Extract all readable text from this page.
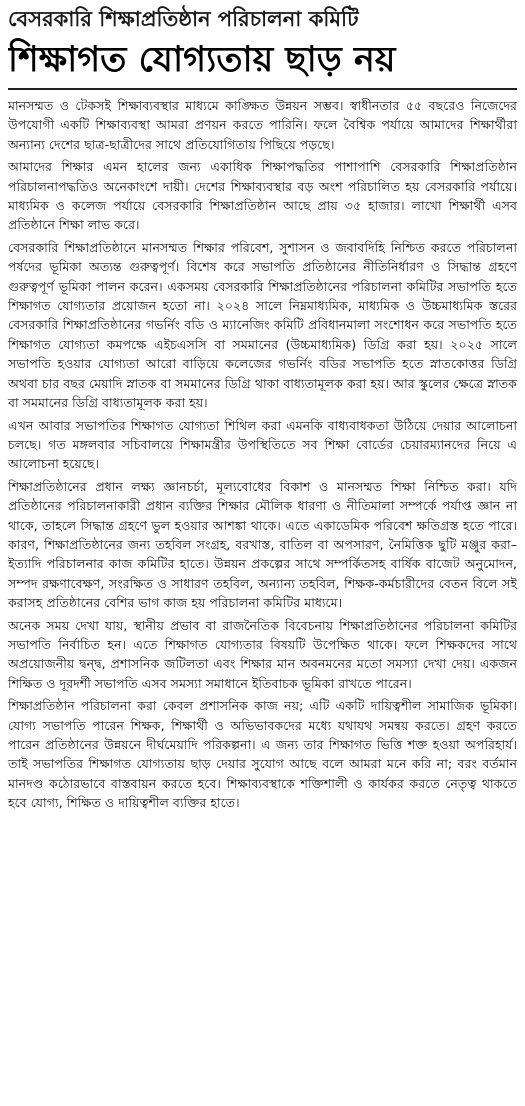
বেসরকারি শিক্ষাপ্রতিষ্ঠান পরিচালনা কমিটি
শিক্ষাগত যোগ্যতায় ছাড় নয়

মানসম্মত ও টেকসই শিক্ষাব্যবস্থার মাধ্যমে কাঙ্ক্ষিত উন্নয়ন সম্ভব। স্বাধীনতার ৫৫ বছরেও নিজেদের উপযোগী একটি শিক্ষাব্যবস্থা আমরা প্রণয়ন করতে পারিনি। ফলে বৈশ্বিক পর্যায়ে আমাদের শিক্ষার্থীরা অন্যান্য দেশের ছাত্র-ছাত্রীদের সাথে প্রতিযোগিতায় পিছিয়ে পড়ছে।

আমাদের শিক্ষার এমন হালের জন্য একাধিক শিক্ষাপদ্ধতির পাশাপাশি বেসরকারি শিক্ষাপ্রতিষ্ঠান পরিচালনাপদ্ধতিও অনেকাংশে দায়ী। দেশের শিক্ষাব্যবস্থার বড় অংশ পরিচালিত হয় বেসরকারি পর্যায়ে। মাধ্যমিক ও কলেজ পর্যায়ে বেসরকারি শিক্ষাপ্রতিষ্ঠান আছে প্রায় ৩৫ হাজার। লাখো শিক্ষার্থী এসব প্রতিষ্ঠানে শিক্ষা লাভ করে।

বেসরকারি শিক্ষাপ্রতিষ্ঠানে মানসম্মত শিক্ষার পরিবেশ, সুশাসন ও জবাবদিহি নিশ্চিত করতে পরিচালনা পর্ষদের ভূমিকা অত্যন্ত গুরুত্বপূর্ণ। বিশেষ করে সভাপতি প্রতিষ্ঠানের নীতিনির্ধারণ ও সিদ্ধান্ত গ্রহণে গুরুত্বপূর্ণ ভূমিকা পালন করেন। একসময় বেসরকারি শিক্ষাপ্রতিষ্ঠানের পরিচালনা কমিটির সভাপতি হতে শিক্ষাগত যোগ্যতার প্রয়োজন হতো না। ২০২৪ সালে নিম্নমাধ্যমিক, মাধ্যমিক ও উচ্চমাধ্যমিক স্তরের বেসরকারি শিক্ষাপ্রতিষ্ঠানের গভর্নিং বডি ও ম্যানেজিং কমিটি প্রবিধানমালা সংশোধন করে সভাপতি হতে শিক্ষাগত যোগ্যতা কমপক্ষে এইচএসসি বা সমমানের (উচ্চমাধ্যমিক) ডিগ্রি করা হয়। ২০২৫ সালে সভাপতি হওয়ার যোগ্যতা আরো বাড়িয়ে কলেজের গভর্নিং বডির সভাপতি হতে স্নাতকোত্তর ডিগ্রি অথবা চার বছর মেয়াদি স্নাতক বা সমমানের ডিগ্রি থাকা বাধ্যতামূলক করা হয়। আর স্কুলের ক্ষেত্রে স্নাতক বা সমমানের ডিগ্রি বাধ্যতামূলক করা হয়।

এখন আবার সভাপতির শিক্ষাগত যোগ্যতা শিথিল করা এমনকি বাধ্যবাধকতা উঠিয়ে দেয়ার আলোচনা চলছে। গত মঙ্গলবার সচিবালয়ে শিক্ষামন্ত্রীর উপস্থিতিতে সব শিক্ষা বোর্ডের চেয়ারম্যানদের নিয়ে এ আলোচনা হয়েছে।

শিক্ষাপ্রতিষ্ঠানের প্রধান লক্ষ্য জ্ঞানচর্চা, মূল্যবোধের বিকাশ ও মানসম্মত শিক্ষা নিশ্চিত করা। যদি প্রতিষ্ঠানের পরিচালনাকারী প্রধান ব্যক্তির শিক্ষার মৌলিক ধারণা ও নীতিমালা সম্পর্কে পর্যাপ্ত জ্ঞান না থাকে, তাহলে সিদ্ধান্ত গ্রহণে ভুল হওয়ার আশঙ্কা থাকে। এতে একাডেমিক পরিবেশ ক্ষতিগ্রস্ত হতে পারে। কারণ, শিক্ষাপ্রতিষ্ঠানের জন্য তহবিল সংগ্রহ, বরখাস্ত, বাতিল বা অপসারণ, নৈমিত্তিক ছুটি মঞ্জুর করা– ইত্যাদি পরিচালনার কাজ কমিটির হাতে। উন্নয়ন প্রকল্পের সাথে সম্পর্কিতসহ বার্ষিক বাজেট অনুমোদন, সম্পদ রক্ষণাবেক্ষণ, সংরক্ষিত ও সাধারণ তহবিল, অন্যান্য তহবিল, শিক্ষক-কর্মচারীদের বেতন বিলে সই করাসহ প্রতিষ্ঠানের বেশির ভাগ কাজ হয় পরিচালনা কমিটির মাধ্যমে।

অনেক সময় দেখা যায়, স্থানীয় প্রভাব বা রাজনৈতিক বিবেচনায় শিক্ষাপ্রতিষ্ঠানের পরিচালনা কমিটির সভাপতি নির্বাচিত হন। এতে শিক্ষাগত যোগ্যতার বিষয়টি উপেক্ষিত থাকে। ফলে শিক্ষকদের সাথে অপ্রয়োজনীয় দ্বন্দ্ব, প্রশাসনিক জটিলতা এবং শিক্ষার মান অবনমনের মতো সমস্যা দেখা দেয়। একজন শিক্ষিত ও দূরদর্শী সভাপতি এসব সমস্যা সমাধানে ইতিবাচক ভূমিকা রাখতে পারেন।

শিক্ষাপ্রতিষ্ঠান পরিচালনা করা কেবল প্রশাসনিক কাজ নয়; এটি একটি দায়িত্বশীল সামাজিক ভূমিকা। যোগ্য সভাপতি পারেন শিক্ষক, শিক্ষার্থী ও অভিভাবকদের মধ্যে যথাযথ সমন্বয় করতে। গ্রহণ করতে পারেন প্রতিষ্ঠানের উন্নয়নে দীর্ঘমেয়াদি পরিকল্পনা। এ জন্য তার শিক্ষাগত ভিত্তি শক্ত হওয়া অপরিহার্য। তাই সভাপতির শিক্ষাগত যোগ্যতায় ছাড় দেয়ার সুযোগ আছে বলে আমরা মনে করি না; বরং বর্তমান মানদণ্ড কঠোরভাবে বাস্তবায়ন করতে হবে। শিক্ষাব্যবস্থাকে শক্তিশালী ও কার্যকর করতে নেতৃত্ব থাকতে হবে যোগ্য, শিক্ষিত ও দায়িত্বশীল ব্যক্তির হাতে।
